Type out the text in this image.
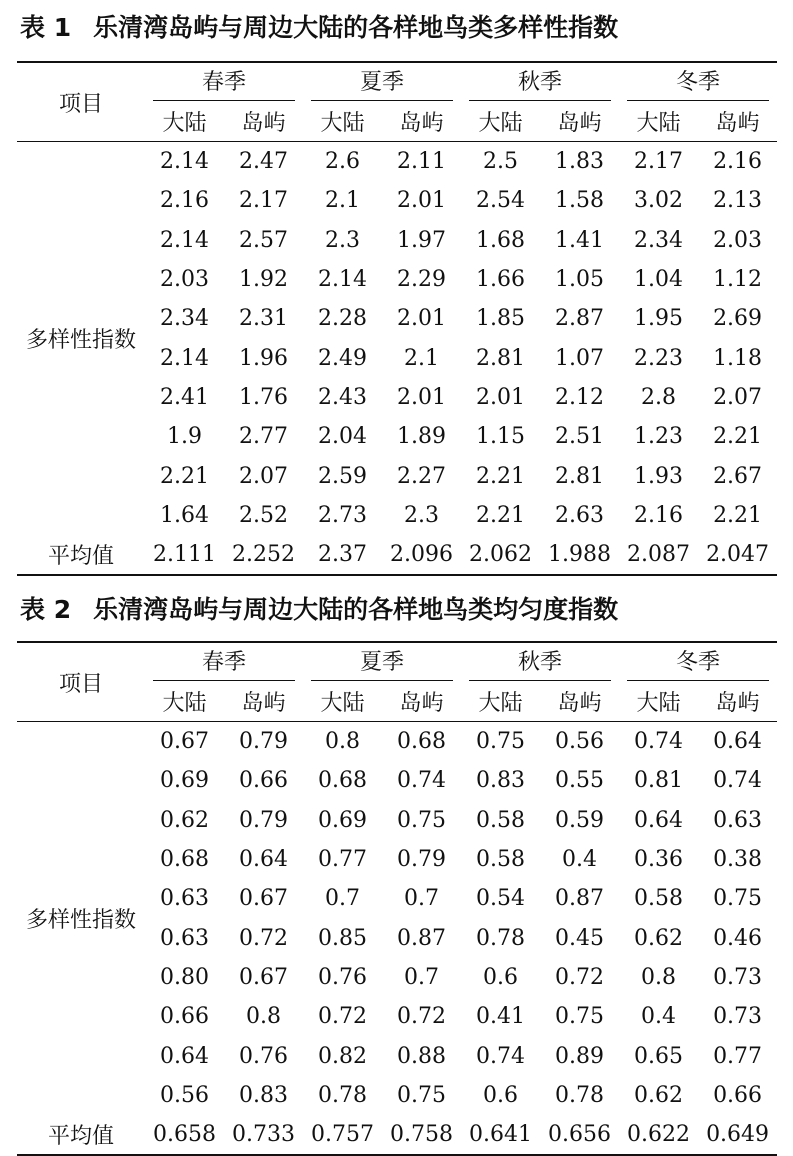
表 1 乐清湾岛屿与周边大陆的各样地鸟类多样性指数
项目	春季		夏季		秋季		冬季	

	大陆	岛屿	大陆	岛屿	大陆	岛屿	大陆	岛屿
多样性指数	2.14	2.47	2.6	2.11	2.5	1.83	2.17	2.16
	2.16	2.17	2.1	2.01	2.54	1.58	3.02	2.13
	2.14	2.57	2.3	1.97	1.68	1.41	2.34	2.03
	2.03	1.92	2.14	2.29	1.66	1.05	1.04	1.12
	2.34	2.31	2.28	2.01	1.85	2.87	1.95	2.69
	2.14	1.96	2.49	2.1	2.81	1.07	2.23	1.18
	2.41	1.76	2.43	2.01	2.01	2.12	2.8	2.07
	1.9	2.77	2.04	1.89	1.15	2.51	1.23	2.21
	2.21	2.07	2.59	2.27	2.21	2.81	1.93	2.67
	1.64	2.52	2.73	2.3	2.21	2.63	2.16	2.21
平均值	2.111	2.252	2.37	2.096	2.062	1.988	2.087	2.047
表 2 乐清湾岛屿与周边大陆的各样地鸟类均匀度指数
项目	春季		夏季		秋季		冬季	

	大陆	岛屿	大陆	岛屿	大陆	岛屿	大陆	岛屿
多样性指数	0.67	0.79	0.8	0.68	0.75	0.56	0.74	0.64
	0.69	0.66	0.68	0.74	0.83	0.55	0.81	0.74
	0.62	0.79	0.69	0.75	0.58	0.59	0.64	0.63
	0.68	0.64	0.77	0.79	0.58	0.4	0.36	0.38
	0.63	0.67	0.7	0.7	0.54	0.87	0.58	0.75
	0.63	0.72	0.85	0.87	0.78	0.45	0.62	0.46
	0.80	0.67	0.76	0.7	0.6	0.72	0.8	0.73
	0.66	0.8	0.72	0.72	0.41	0.75	0.4	0.73
	0.64	0.76	0.82	0.88	0.74	0.89	0.65	0.77
	0.56	0.83	0.78	0.75	0.6	0.78	0.62	0.66
平均值	0.658	0.733	0.757	0.758	0.641	0.656	0.622	0.649
